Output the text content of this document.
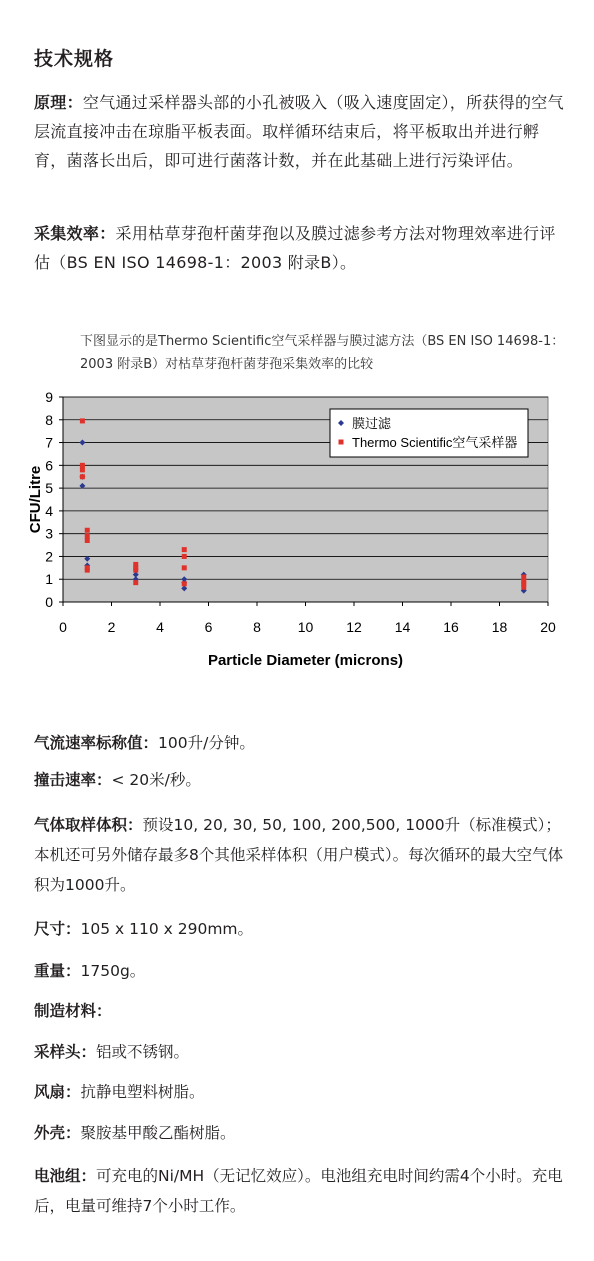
技术规格
原理：空气通过采样器头部的小孔被吸入（吸入速度固定），所获得的空气层流直接冲击在琼脂平板表面。取样循环结束后，将平板取出并进行孵育，菌落长出后，即可进行菌落计数，并在此基础上进行污染评估。
采集效率：采用枯草芽孢杆菌芽孢以及膜过滤参考方法对物理效率进行评估（BS EN ISO 14698-1：2003 附录B）。
下图显示的是Thermo Scientific空气采样器与膜过滤方法（BS EN ISO 14698-1：2003 附录B）对枯草芽孢杆菌芽孢采集效率的比较
0
1
2
3
4
5
6
7
8
9
0	2	4	6	8	10 12 14 16 18 20
膜过滤
Thermo Scientific空气采样器
CFU/Litre
Particle Diameter (microns)
气流速率标称值：100升/分钟。
撞击速率：< 20米/秒。
气体取样体积：预设10, 20, 30, 50, 100, 200,500, 1000升（标准模式）；本机还可另外储存最多8个其他采样体积（用户模式）。每次循环的最大空气体积为1000升。
尺寸：105 x 110 x 290mm。
重量：1750g。
制造材料：
采样头：铝或不锈钢。
风扇：抗静电塑料树脂。
外壳：聚胺基甲酸乙酯树脂。
电池组：可充电的Ni/MH（无记忆效应）。电池组充电时间约需4个小时。充电后，电量可维持7个小时工作。
